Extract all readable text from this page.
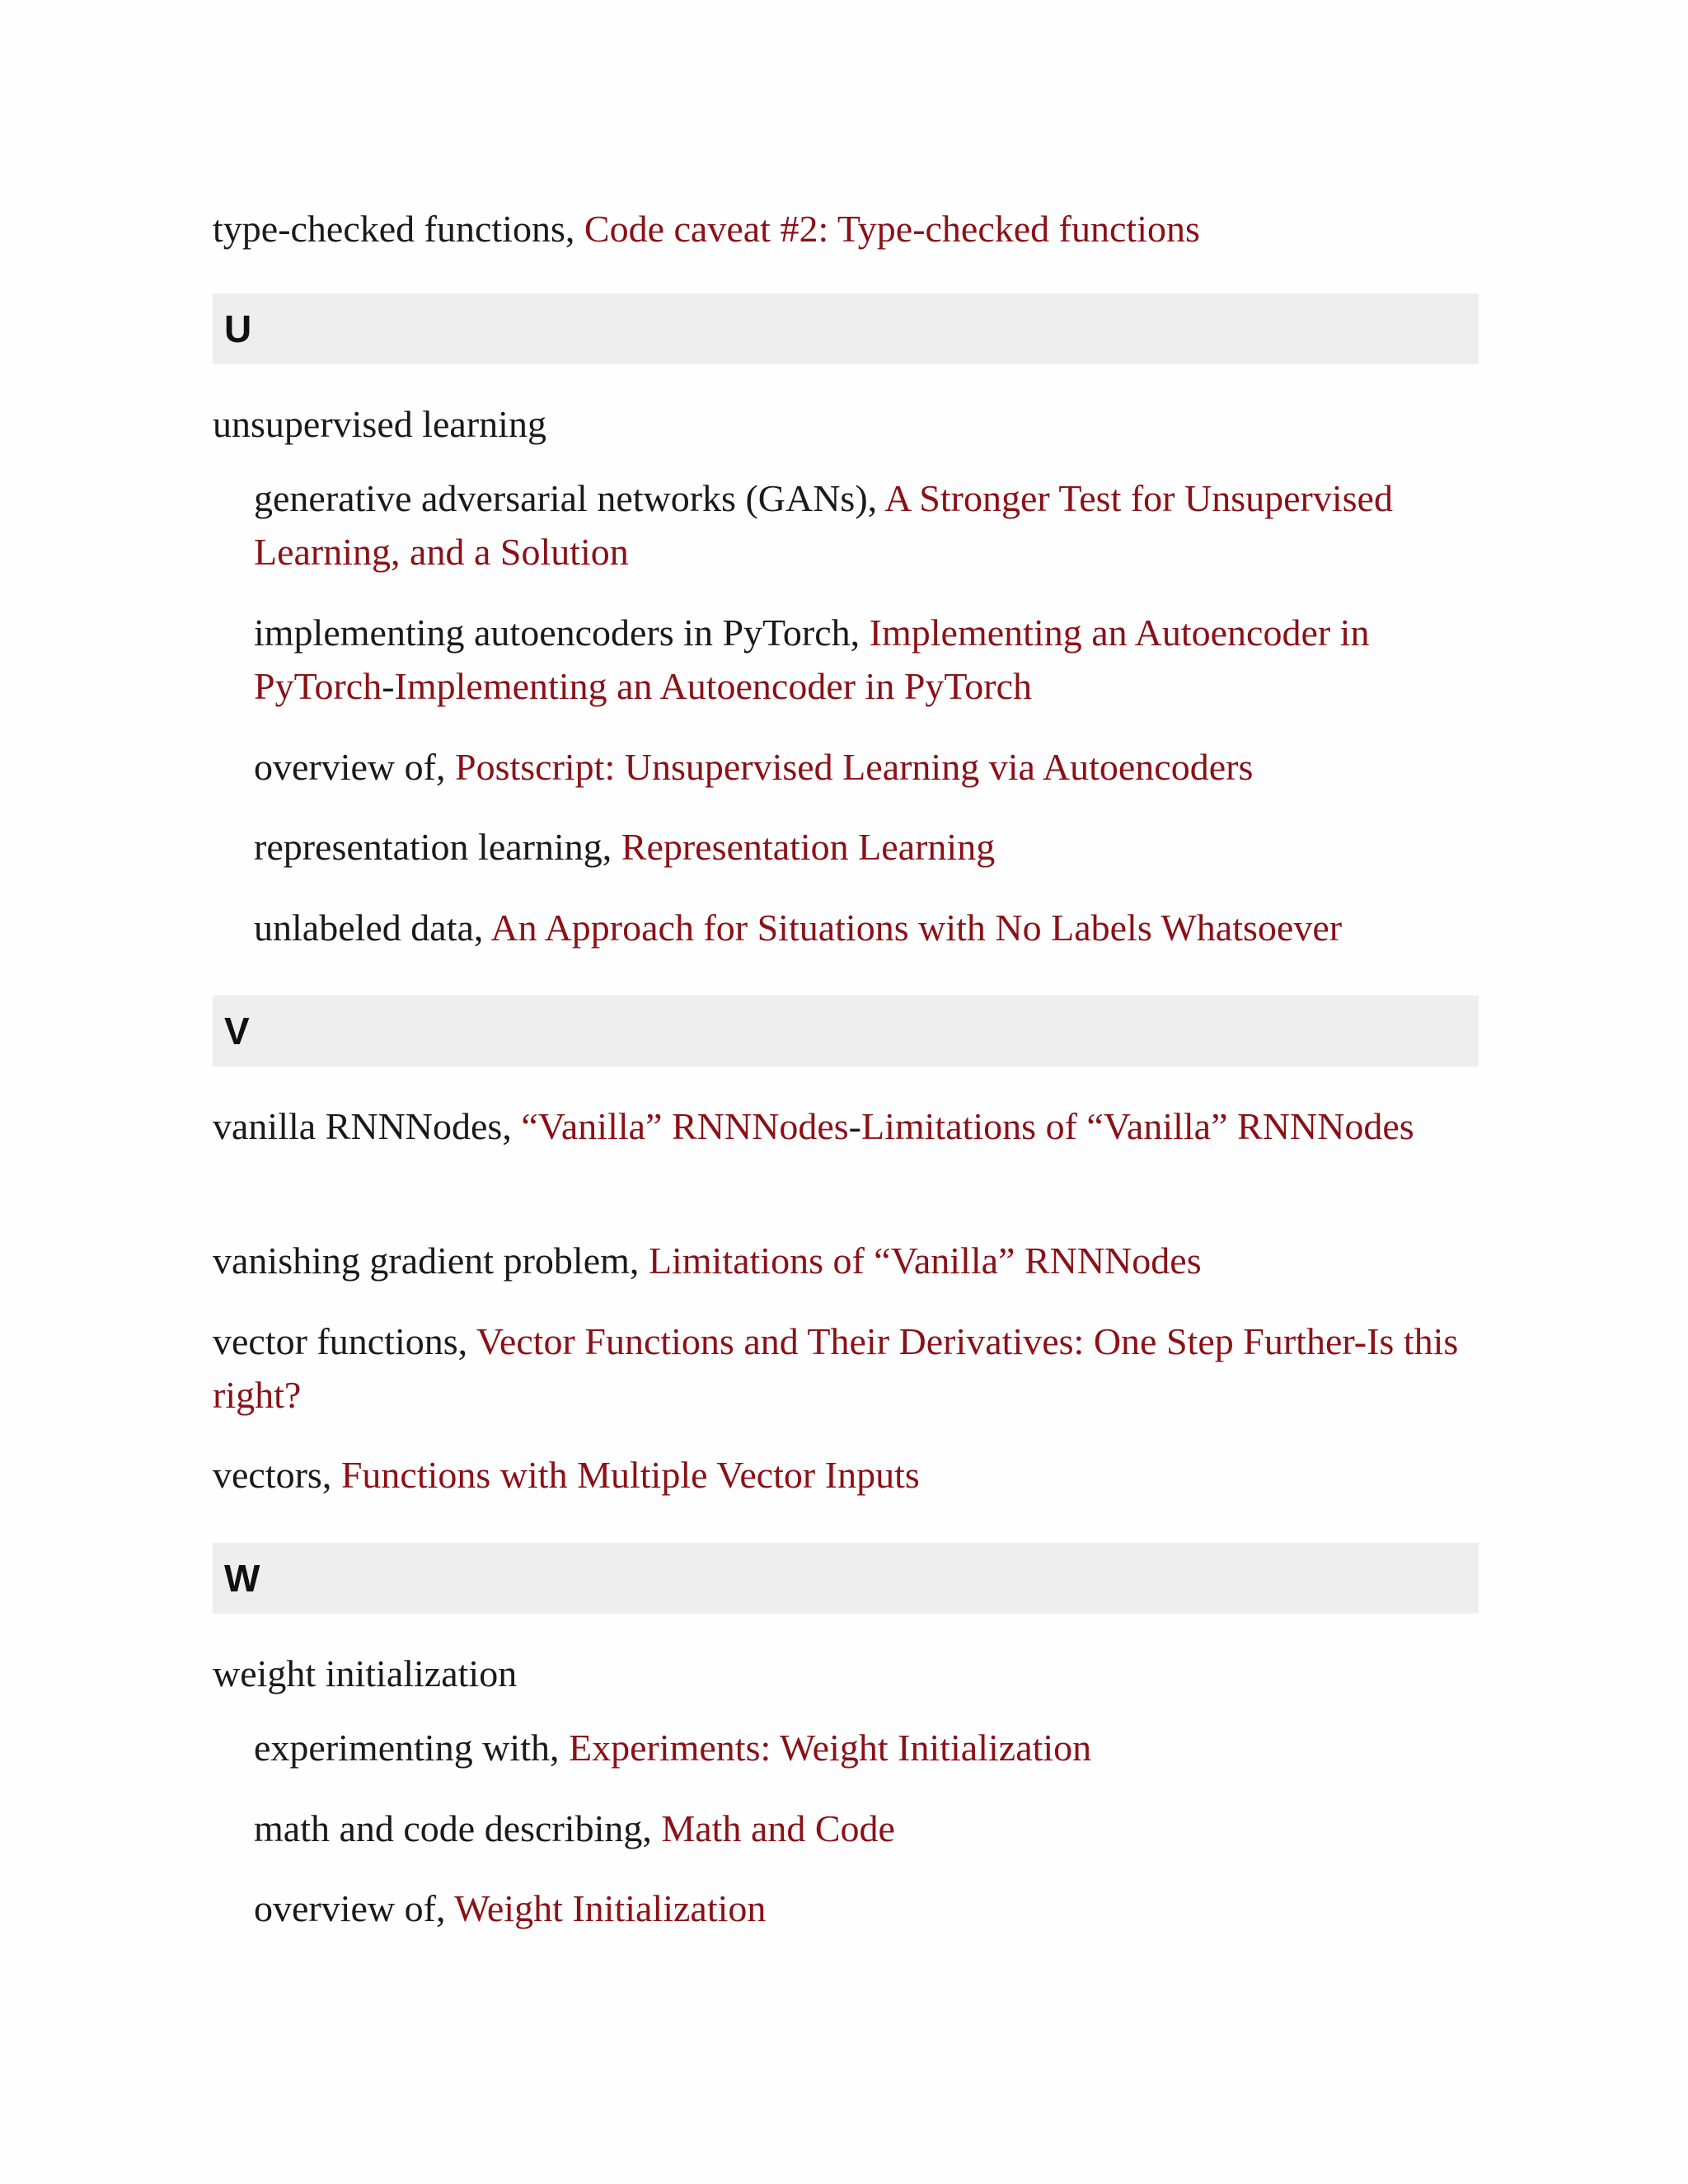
type-checked functions, Code caveat #2: Type-checked functions

U

unsupervised learning

generative adversarial networks (GANs), A Stronger Test for Unsupervised Learning, and a Solution

implementing autoencoders in PyTorch, Implementing an Autoencoder in PyTorch-Implementing an Autoencoder in PyTorch

overview of, Postscript: Unsupervised Learning via Autoencoders

representation learning, Representation Learning

unlabeled data, An Approach for Situations with No Labels Whatsoever

V

vanilla RNNNodes, “Vanilla” RNNNodes-Limitations of “Vanilla” RNNNodes

vanishing gradient problem, Limitations of “Vanilla” RNNNodes

vector functions, Vector Functions and Their Derivatives: One Step Further-Is this right?

vectors, Functions with Multiple Vector Inputs

W

weight initialization

experimenting with, Experiments: Weight Initialization

math and code describing, Math and Code

overview of, Weight Initialization
